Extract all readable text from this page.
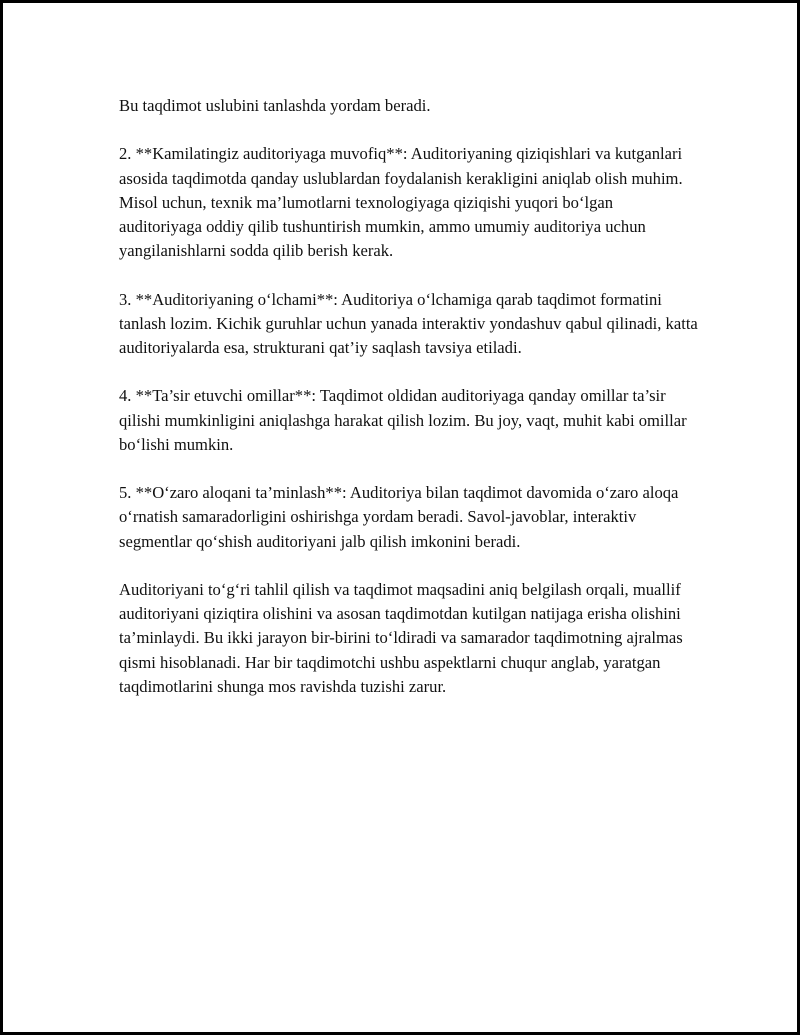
Bu taqdimot uslubini tanlashda yordam beradi.

2. **Kamilatingiz auditoriyaga muvofiq**: Auditoriyaning qiziqishlari va kutganlari asosida taqdimotda qanday uslublardan foydalanish kerakligini aniqlab olish muhim. Misol uchun, texnik ma’lumotlarni texnologiyaga qiziqishi yuqori bo‘lgan auditoriyaga oddiy qilib tushuntirish mumkin, ammo umumiy auditoriya uchun yangilanishlarni sodda qilib berish kerak.

3. **Auditoriyaning o‘lchami**: Auditoriya o‘lchamiga qarab taqdimot formatini tanlash lozim. Kichik guruhlar uchun yanada interaktiv yondashuv qabul qilinadi, katta auditoriyalarda esa, strukturani qat’iy saqlash tavsiya etiladi.

4. **Ta’sir etuvchi omillar**: Taqdimot oldidan auditoriyaga qanday omillar ta’sir qilishi mumkinligini aniqlashga harakat qilish lozim. Bu joy, vaqt, muhit kabi omillar bo‘lishi mumkin.

5. **O‘zaro aloqani ta’minlash**: Auditoriya bilan taqdimot davomida o‘zaro aloqa o‘rnatish samaradorligini oshirishga yordam beradi. Savol-javoblar, interaktiv segmentlar qo‘shish auditoriyani jalb qilish imkonini beradi.

Auditoriyani to‘g‘ri tahlil qilish va taqdimot maqsadini aniq belgilash orqali, muallif auditoriyani qiziqtira olishini va asosan taqdimotdan kutilgan natijaga erisha olishini ta’minlaydi. Bu ikki jarayon bir-birini to‘ldiradi va samarador taqdimotning ajralmas qismi hisoblanadi. Har bir taqdimotchi ushbu aspektlarni chuqur anglab, yaratgan taqdimotlarini shunga mos ravishda tuzishi zarur.
